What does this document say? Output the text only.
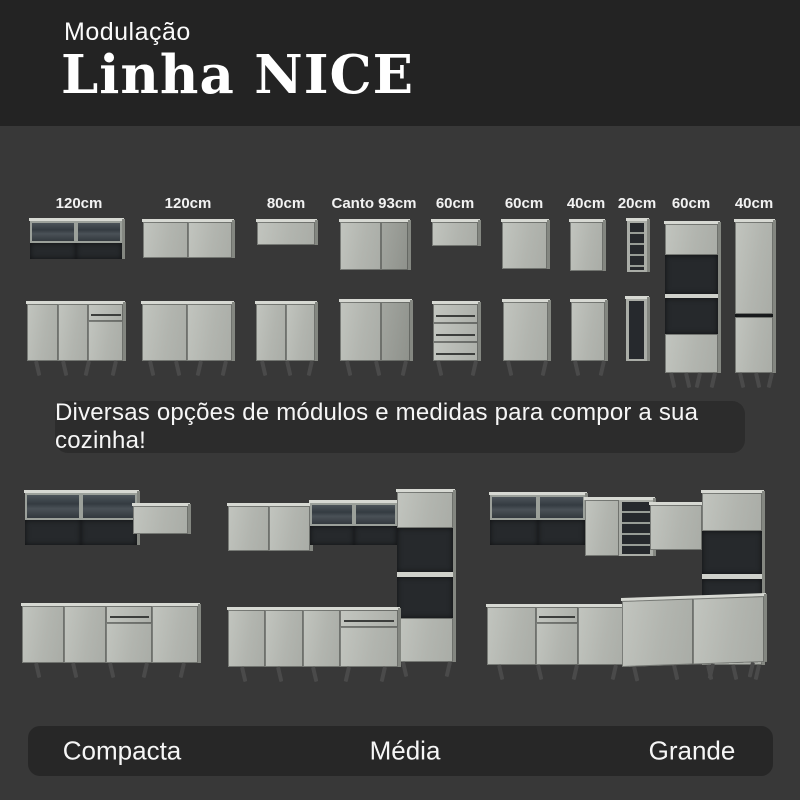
Modulação
Linha NICE
120cm	120cm	80cm Canto 93cm 60cm 60cm 40cm 20cm 60cm 40cm
Diversas opções de módulos e medidas para compor a sua cozinha!
Compacta	Média	Grande
